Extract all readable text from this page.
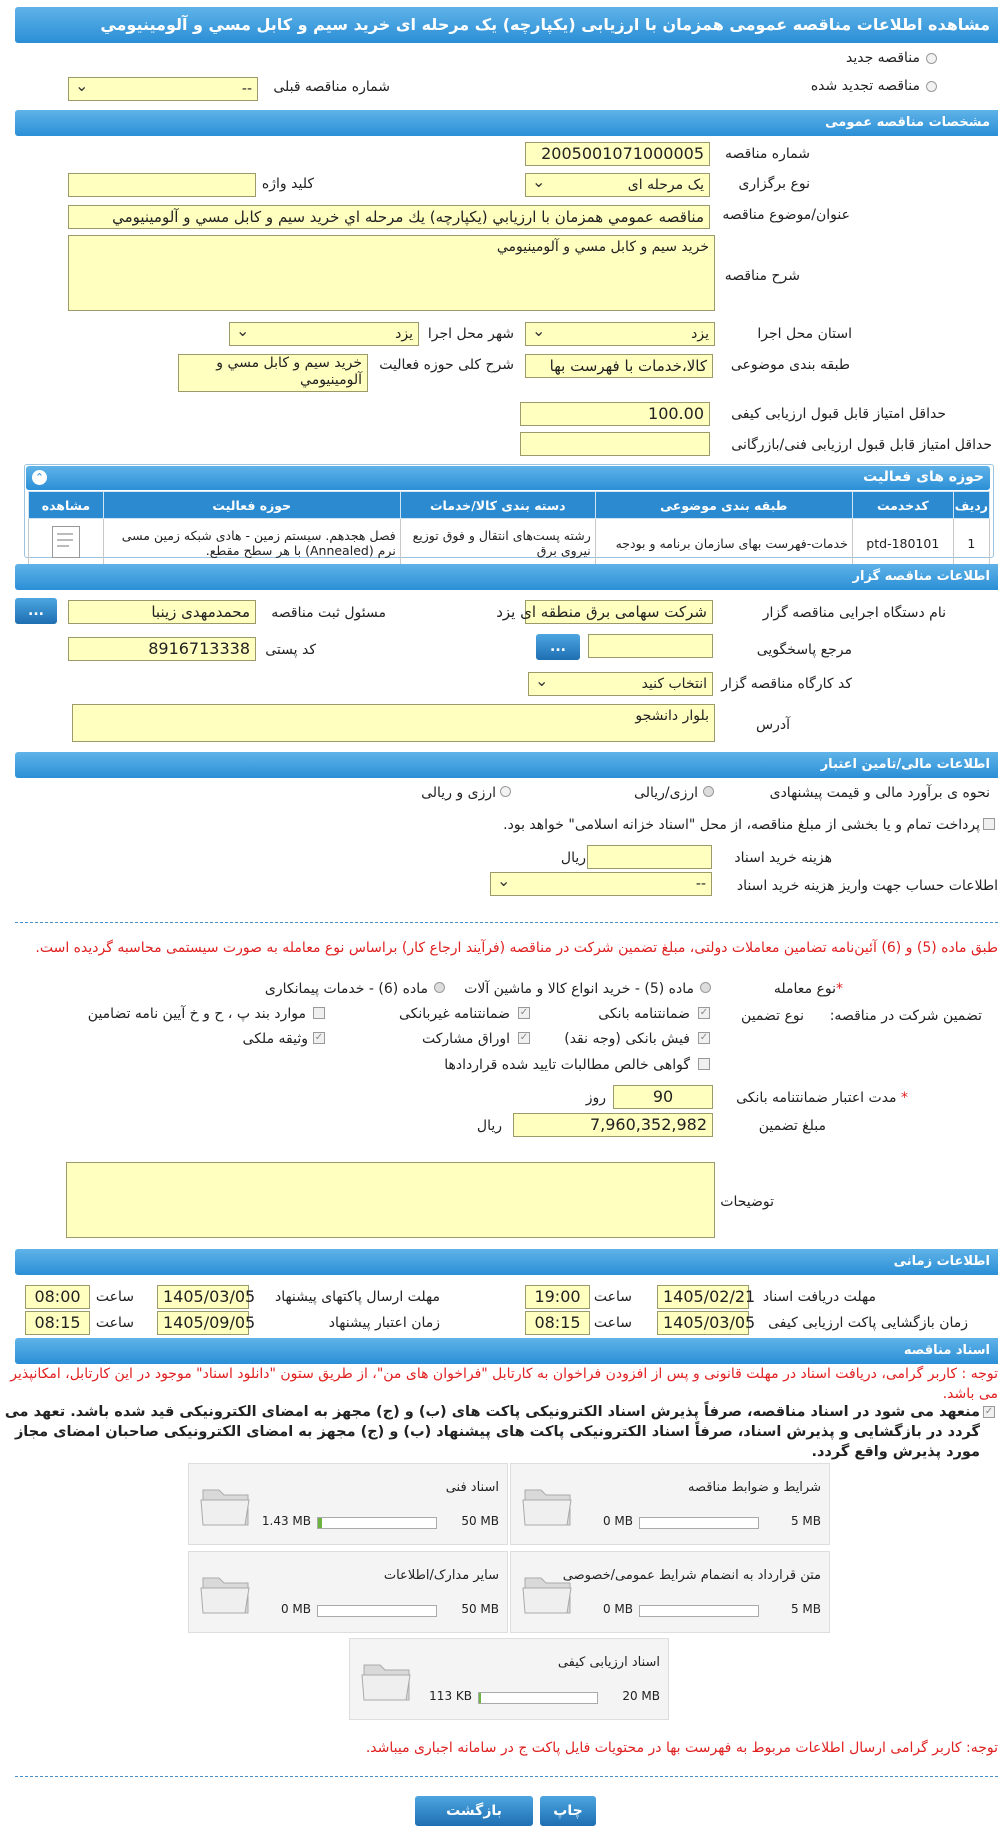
مشاهده اطلاعات مناقصه عمومی همزمان با ارزیابی (یکپارچه) یک مرحله ای خرید سیم و کابل مسي و آلومينيومي
مناقصه جدید
مناقصه تجدید شده
شماره مناقصه قبلی
-- ⌄
مشخصات مناقصه عمومی
شماره مناقصه
2005001071000005
نوع برگزاری
یک مرحله ای ⌄
کلید واژه
عنوان/موضوع مناقصه
مناقصه عمومي همزمان با ارزيابي (يكپارچه) يك مرحله اي خريد سيم و كابل مسي و آلومينيومي
شرح مناقصه
خريد سيم و كابل مسي و آلومينيومي
استان محل اجرا
یزد ⌄
شهر محل اجرا
یزد ⌄
طبقه بندی موضوعی
کالا،خدمات با فهرست بها
شرح کلی حوزه فعالیت
خريد سيم و كابل مسي و آلومينيومي
حداقل امتیاز قابل قبول ارزیابی کیفی
100.00
حداقل امتیاز قابل قبول ارزیابی فنی/بازرگانی
حوزه های فعالیت
⌃
ردیف	کدخدمت	طبقه بندی موضوعی	دسته بندی کالا/خدمات	حوزه فعالیت	مشاهده
1	ptd-180101	خدمات-فهرست بهای سازمان برنامه و بودجه	رشته پست‌های انتقال و فوق توزیع نیروی برق	فصل هجدهم. سیستم زمین - هادی شبکه زمین مسی نرم (Annealed) با هر سطح مقطع.	
اطلاعات مناقصه گزار
نام دستگاه اجرایی مناقصه گزار
شرکت سهامی برق منطقه ای یزد
مسئول ثبت مناقصه
محمدمهدی زینبا
...
مرجع پاسخگویی
...
کد پستی
8916713338
کد کارگاه مناقصه گزار
انتخاب کنید ⌄
آدرس
بلوار دانشجو
اطلاعات مالی/تامین اعتبار
نحوه ی برآورد مالی و قیمت پیشنهادی
ارزی/ریالی
ارزی و ریالی
پرداخت تمام و یا بخشی از مبلغ مناقصه، از محل "اسناد خزانه اسلامی" خواهد بود.
هزینه خرید اسناد
ریال
اطلاعات حساب جهت واریز هزینه خرید اسناد
-- ⌄
طبق ماده (5) و (6) آئین‌نامه تضامین معاملات دولتی، مبلغ تضمین شرکت در مناقصه (فرآیند ارجاع کار) براساس نوع معامله به صورت سیستمی محاسبه گردیده است.
*نوع معامله
ماده (5) - خرید انواع کالا و ماشین آلات
ماده (6) - خدمات پیمانکاری
تضمین شرکت در مناقصه:
نوع تضمین
✓
ضمانتنامه بانکی
✓
ضمانتنامه غیربانکی
موارد بند پ ، ح و خ آیین نامه تضامین
✓
فیش بانکی (وجه نقد)
✓
اوراق مشارکت
✓
وثیقه ملکی
گواهی خالص مطالبات تایید شده قراردادها
* مدت اعتبار ضمانتنامه بانکی
90
روز
مبلغ تضمین
7,960,352,982
ریال
توضیحات
اطلاعات زمانی
مهلت دریافت اسناد
1405/02/21
ساعت
19:00
مهلت ارسال پاکتهای پیشنهاد
1405/03/05
ساعت
08:00
زمان بازگشایی پاکت ارزیابی کیفی
1405/03/05
ساعت
08:15
زمان اعتبار پیشنهاد
1405/09/05
ساعت
08:15
اسناد مناقصه
توجه : کاربر گرامی، دریافت اسناد در مهلت قانونی و پس از افزودن فراخوان به کارتابل "فراخوان های من"، از طریق ستون "دانلود اسناد" موجود در این کارتابل، امکانپذیر می باشد.
✓
منعهد می شود در اسناد مناقصه، صرفاً پذیرش اسناد الکترونیکی پاکت های (ب) و (ج) مجهز به امضای الکترونیکی قید شده باشد. تعهد می گردد در بازگشایی و پذیرش اسناد، صرفاً اسناد الکترونیکی پاکت های پیشنهاد (ب) و (ج) مجهز به امضای الکترونیکی صاحبان امضای مجاز مورد پذیرش واقع گردد.
شرایط و ضوابط مناقصه
5 MB
0 MB
اسناد فنی
50 MB
1.43 MB
متن قرارداد به انضمام شرایط عمومی/خصوصی
5 MB
0 MB
سایر مدارک/اطلاعات
50 MB
0 MB
اسناد ارزیابی کیفی
20 MB
113 KB
توجه: کاربر گرامی ارسال اطلاعات مربوط به فهرست بها در محتویات فایل پاکت ج در سامانه اجباری میباشد.
چاپ
بازگشت
